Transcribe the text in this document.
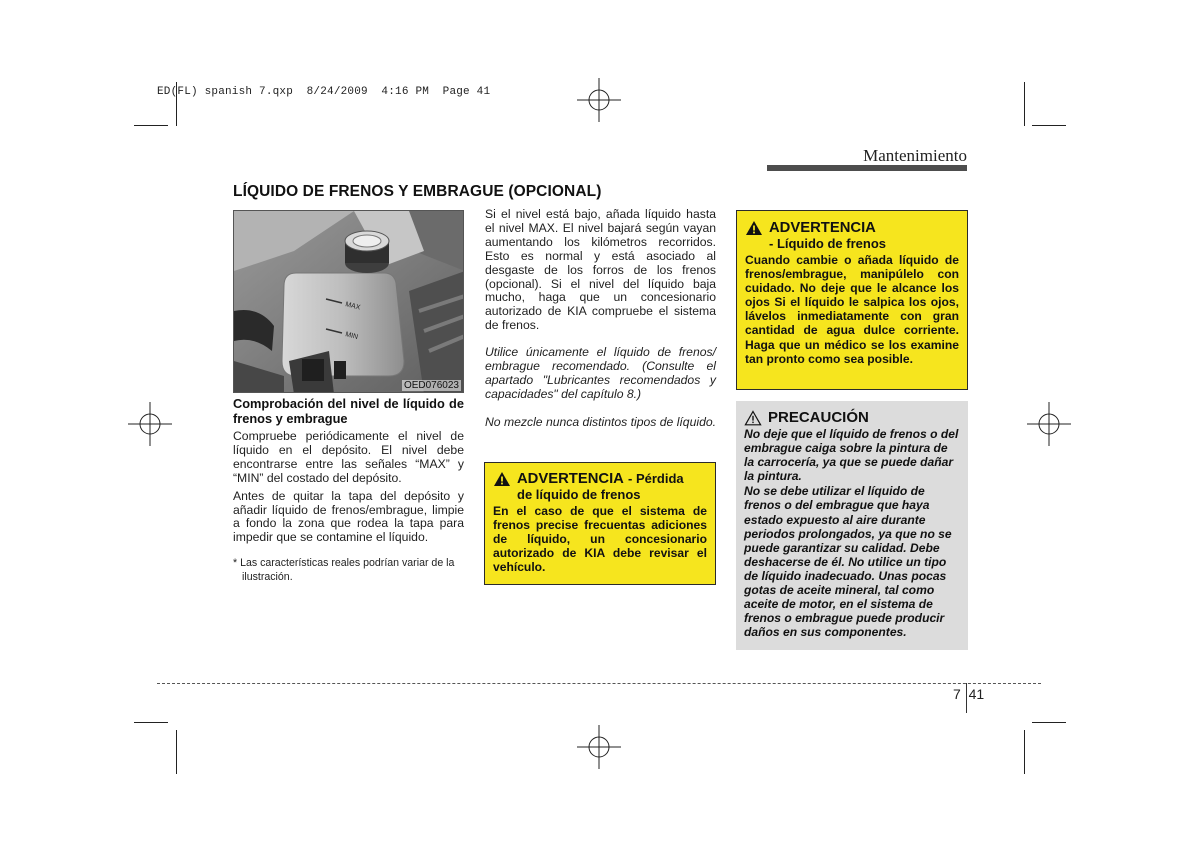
ED(FL) spanish 7.qxp  8/24/2009  4:16 PM  Page 41
Mantenimiento
LÍQUIDO DE FRENOS Y EMBRAGUE (OPCIONAL)
MAX
MIN
OED076023

Comprobación del nivel de líquido de frenos y embrague

Compruebe periódicamente el nivel de líquido en el depósito. El nivel debe encontrarse entre las señales “MAX” y “MIN” del costado del depósito.

Antes de quitar la tapa del depósito y añadir líquido de frenos/embrague, limpie a fondo la zona que rodea la tapa para impedir que se contamine el líquido.

* Las características reales podrían variar de la ilustración.

Si el nivel está bajo, añada líquido hasta el nivel MAX. El nivel bajará según vayan aumentando los kilómetros recorridos. Esto es normal y está asociado al desgaste de los forros de los frenos (opcional). Si el nivel del líquido baja mucho, haga que un concesionario autorizado de KIA compruebe el sistema de frenos.

Utilice únicamente el líquido de frenos/ embrague recomendado. (Consulte el apartado "Lubricantes recomendados y capacidades" del capítulo 8.)

No mezcle nunca distintos tipos de líquido.

ADVERTENCIA
- Pérdida
de líquido de frenos
En el caso de que el sistema de frenos precise frecuentas adiciones de líquido, un concesionario autorizado de KIA debe revisar el vehículo.
ADVERTENCIA
- Líquido de frenos
Cuando cambie o añada líquido de frenos/embrague, manipúlelo con cuidado. No deje que le alcance los ojos Si el líquido le salpica los ojos, lávelos inmediatamente con gran cantidad de agua dulce corriente. Haga que un médico se los examine tan pronto como sea posible.
PRECAUCIÓN
No deje que el líquido de frenos o del embrague caiga sobre la pintura de la carrocería, ya que se puede dañar la pintura.
No se debe utilizar el líquido de frenos o del embrague que haya estado expuesto al aire durante periodos prolongados, ya que no se puede garantizar su calidad. Debe deshacerse de él. No utilice un tipo de líquido inadecuado. Unas pocas gotas de aceite mineral, tal como aceite de motor, en el sistema de frenos o embrague puede producir daños en sus componentes.
7 41
